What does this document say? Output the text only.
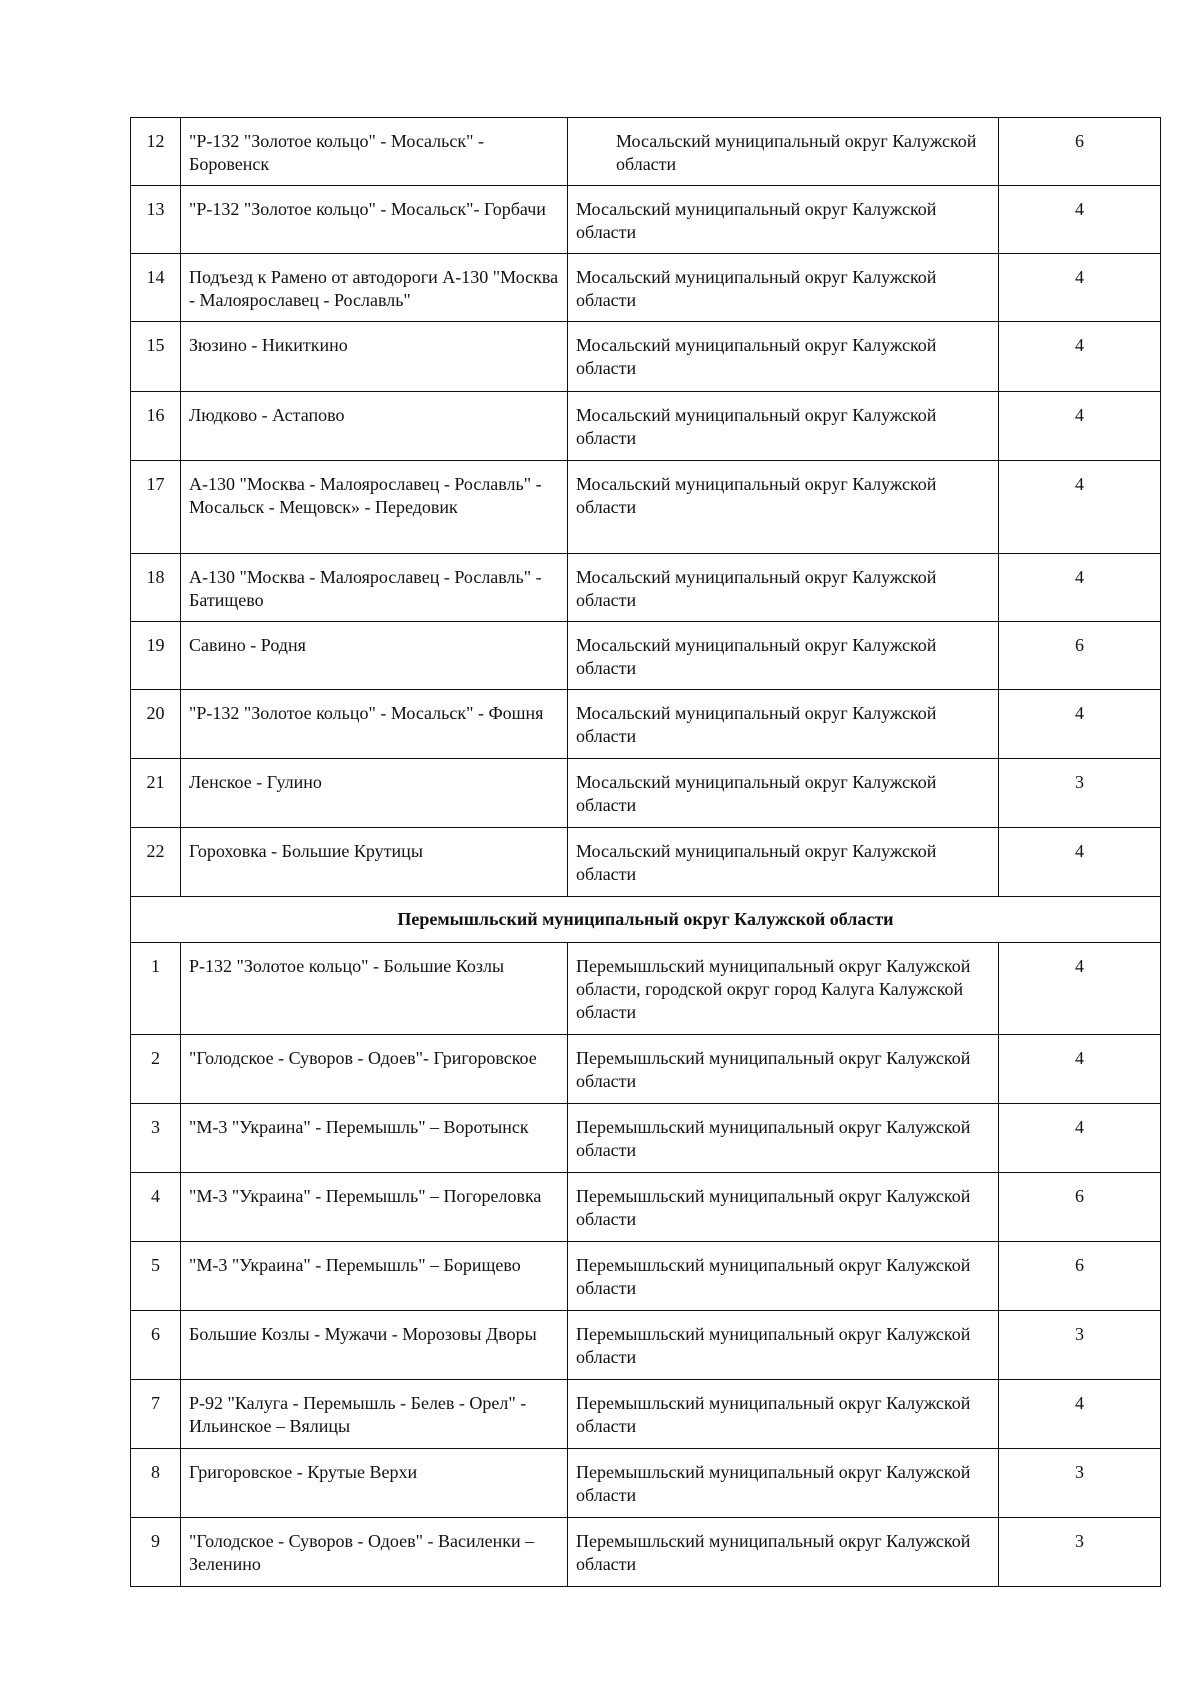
12	"Р-132 "Золотое кольцо" - Мосальск" - Боровенск	Мосальский муниципальный округ Калужской области	6
13	"Р-132 "Золотое кольцо" - Мосальск"- Горбачи	Мосальский муниципальный округ Калужской области	4
14	Подъезд к Рамено от автодороги А-130 "Москва - Малоярославец - Рославль"	Мосальский муниципальный округ Калужской области	4
15	Зюзино - Никиткино	Мосальский муниципальный округ Калужской области	4
16	Людково - Астапово	Мосальский муниципальный округ Калужской области	4
17	А-130 "Москва - Малоярославец - Рославль" - Мосальск - Мещовск» - Передовик	Мосальский муниципальный округ Калужской области	4
18	А-130 "Москва - Малоярославец - Рославль" - Батищево	Мосальский муниципальный округ Калужской области	4
19	Савино - Родня	Мосальский муниципальный округ Калужской области	6
20	"Р-132 "Золотое кольцо" - Мосальск" - Фошня	Мосальский муниципальный округ Калужской области	4
21	Ленское - Гулино	Мосальский муниципальный округ Калужской области	3
22	Гороховка - Большие Крутицы	Мосальский муниципальный округ Калужской области	4
Перемышльский муниципальный округ Калужской области			
1	Р-132 "Золотое кольцо" - Большие Козлы	Перемышльский муниципальный округ Калужской области, городской округ город Калуга Калужской области	4
2	"Голодское - Суворов - Одоев"- Григоровское	Перемышльский муниципальный округ Калужской области	4
3	"М-3 "Украина" - Перемышль" – Воротынск	Перемышльский муниципальный округ Калужской области	4
4	"М-3 "Украина" - Перемышль" – Погореловка	Перемышльский муниципальный округ Калужской области	6
5	"М-3 "Украина" - Перемышль" – Борищево	Перемышльский муниципальный округ Калужской области	6
6	Большие Козлы - Мужачи - Морозовы Дворы	Перемышльский муниципальный округ Калужской области	3
7	Р-92 "Калуга - Перемышль - Белев - Орел" - Ильинское – Вялицы	Перемышльский муниципальный округ Калужской области	4
8	Григоровское - Крутые Верхи	Перемышльский муниципальный округ Калужской области	3
9	"Голодское - Суворов - Одоев" - Василенки – Зеленино	Перемышльский муниципальный округ Калужской области	3
